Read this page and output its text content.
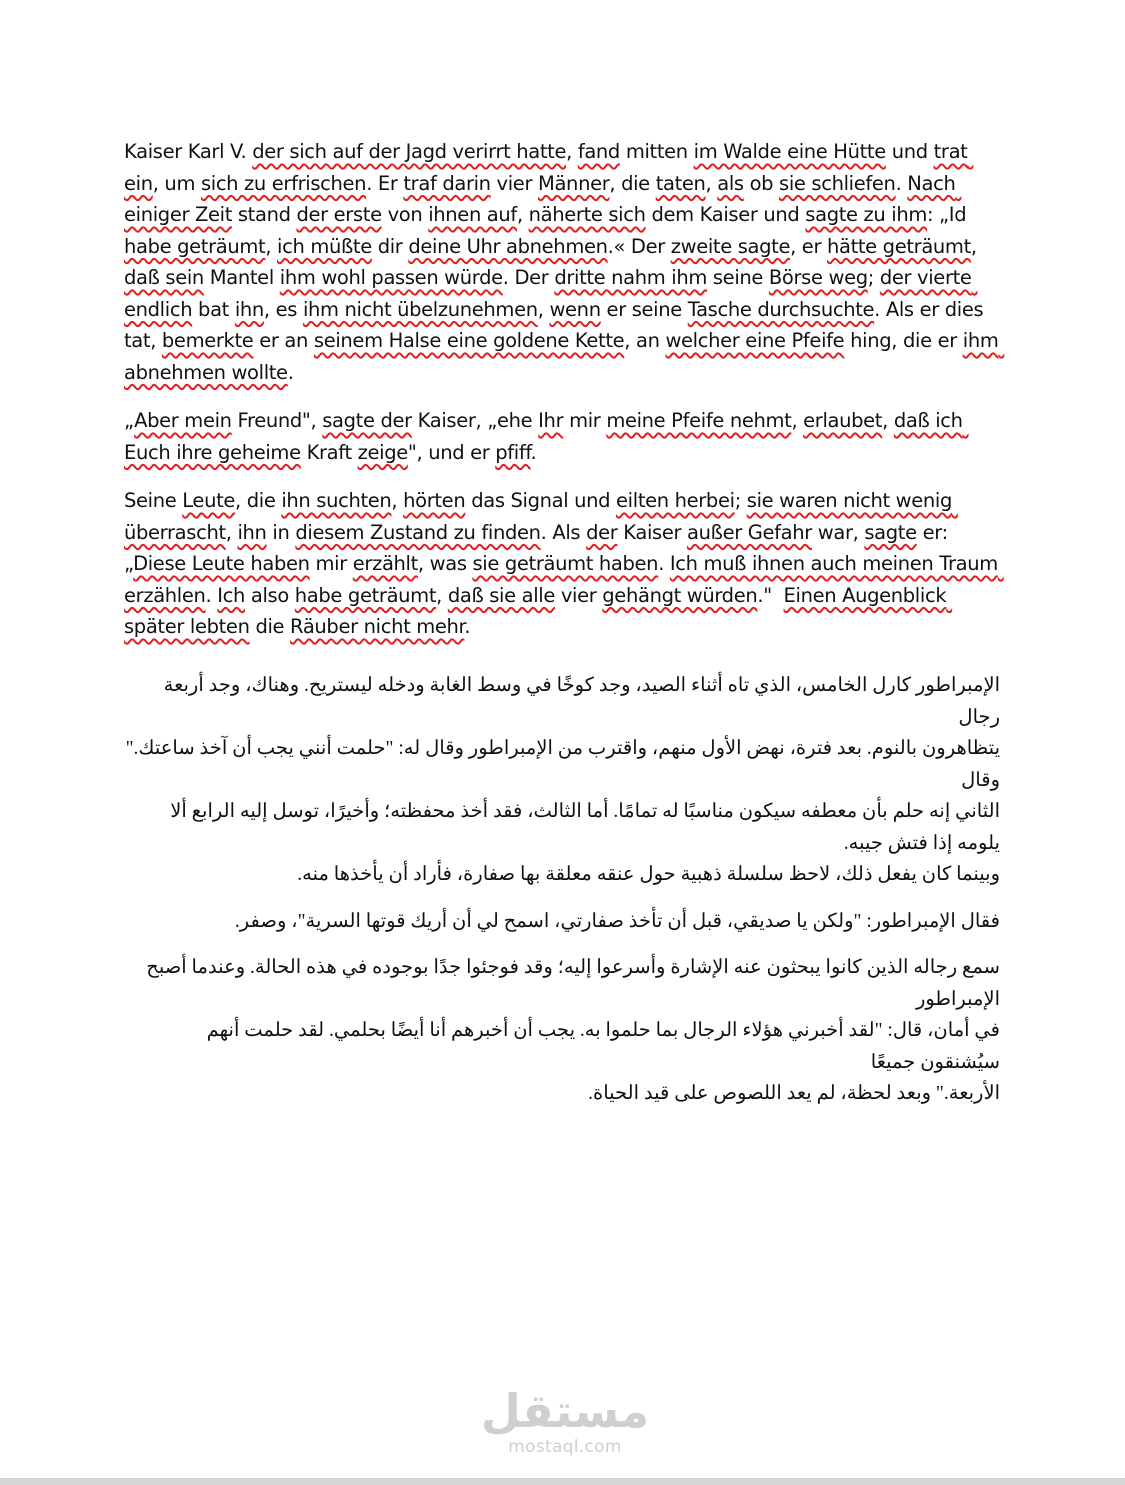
Kaiser Karl V. der sich auf der Jagd verirrt hatte, fand mitten im Walde eine Hütte und trat ein, um sich zu erfrischen. Er traf darin vier Männer, die taten, als ob sie schliefen. Nach einiger Zeit stand der erste von ihnen auf, näherte sich dem Kaiser und sagte zu ihm: „Id habe geträumt, ich müßte dir deine Uhr abnehmen.« Der zweite sagte, er hätte geträumt, daß sein Mantel ihm wohl passen würde. Der dritte nahm ihm seine Börse weg; der vierte endlich bat ihn, es ihm nicht übelzunehmen, wenn er seine Tasche durchsuchte. Als er dies tat, bemerkte er an seinem Halse eine goldene Kette, an welcher eine Pfeife hing, die er ihm abnehmen wollte.

„Aber mein Freund", sagte der Kaiser, „ehe Ihr mir meine Pfeife nehmt, erlaubet, daß ich Euch ihre geheime Kraft zeige", und er pfiff.

Seine Leute, die ihn suchten, hörten das Signal und eilten herbei; sie waren nicht wenig überrascht, ihn in diesem Zustand zu finden. Als der Kaiser außer Gefahr war, sagte er: „Diese Leute haben mir erzählt, was sie geträumt haben. Ich muß ihnen auch meinen Traum erzählen. Ich also habe geträumt, daß sie alle vier gehängt würden."  Einen Augenblick später lebten die Räuber nicht mehr.

الإمبراطور كارل الخامس، الذي تاه أثناء الصيد، وجد كوخًا في وسط الغابة ودخله ليستريح. وهناك، وجد أربعة رجال
يتظاهرون بالنوم. بعد فترة، نهض الأول منهم، واقترب من الإمبراطور وقال له: "حلمت أنني يجب أن آخذ ساعتك." وقال
الثاني إنه حلم بأن معطفه سيكون مناسبًا له تمامًا. أما الثالث، فقد أخذ محفظته؛ وأخيرًا، توسل إليه الرابع ألا يلومه إذا فتش جيبه.
وبينما كان يفعل ذلك، لاحظ سلسلة ذهبية حول عنقه معلقة بها صفارة، فأراد أن يأخذها منه.

فقال الإمبراطور: "ولكن يا صديقي، قبل أن تأخذ صفارتي، اسمح لي أن أريك قوتها السرية"، وصفر.

سمع رجاله الذين كانوا يبحثون عنه الإشارة وأسرعوا إليه؛ وقد فوجئوا جدًا بوجوده في هذه الحالة. وعندما أصبح الإمبراطور
في أمان، قال: "لقد أخبرني هؤلاء الرجال بما حلموا به. يجب أن أخبرهم أنا أيضًا بحلمي. لقد حلمت أنهم سيُشنقون جميعًا
الأربعة." وبعد لحظة، لم يعد اللصوص على قيد الحياة.

مستقل
mostaql.com
